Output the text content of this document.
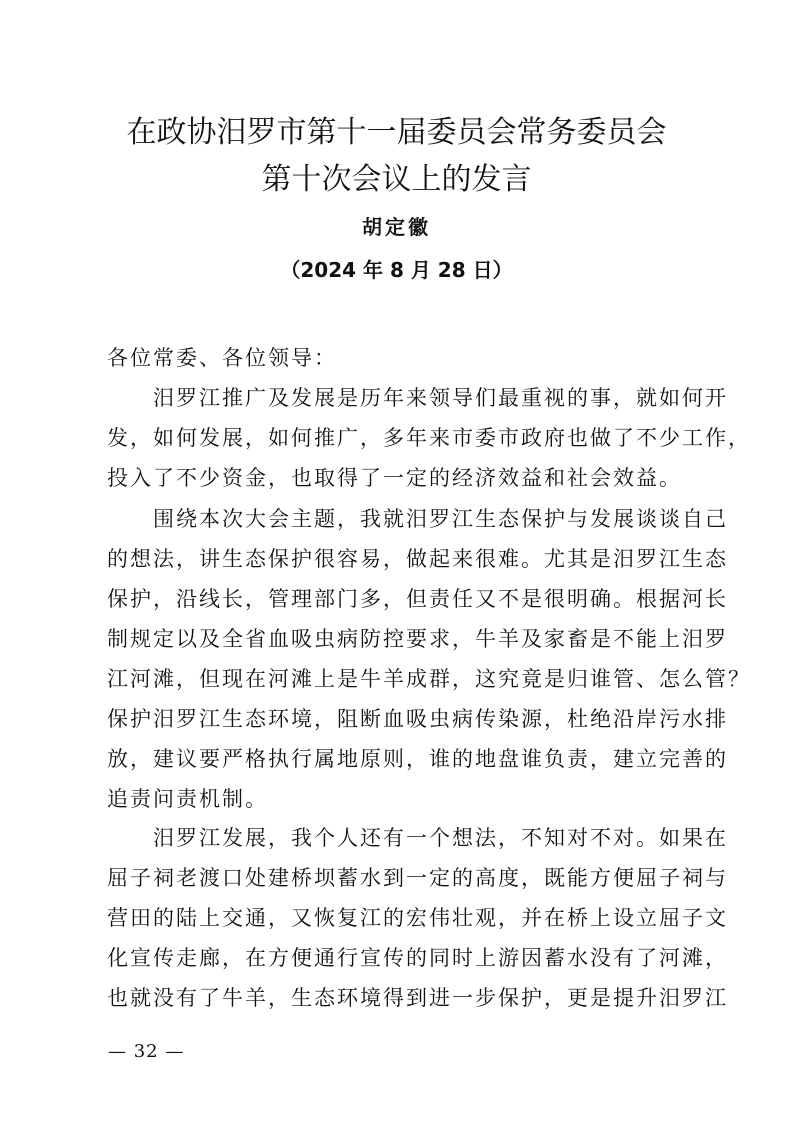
在政协汨罗市第十一届委员会常务委员会
第十次会议上的发言
胡定徽
（2024 年 8 月 28 日）

各位常委、各位领导：

汨罗江推广及发展是历年来领导们最重视的事，就如何开
发，如何发展，如何推广，多年来市委市政府也做了不少工作，
投入了不少资金，也取得了一定的经济效益和社会效益。

围绕本次大会主题，我就汨罗江生态保护与发展谈谈自己
的想法，讲生态保护很容易，做起来很难。尤其是汨罗江生态
保护，沿线长，管理部门多，但责任又不是很明确。根据河长
制规定以及全省血吸虫病防控要求，牛羊及家畜是不能上汨罗
江河滩，但现在河滩上是牛羊成群，这究竟是归谁管、怎么管？
保护汨罗江生态环境，阻断血吸虫病传染源，杜绝沿岸污水排
放，建议要严格执行属地原则，谁的地盘谁负责，建立完善的
追责问责机制。

汨罗江发展，我个人还有一个想法，不知对不对。如果在
屈子祠老渡口处建桥坝蓄水到一定的高度，既能方便屈子祠与
营田的陆上交通，又恢复江的宏伟壮观，并在桥上设立屈子文
化宣传走廊，在方便通行宣传的同时上游因蓄水没有了河滩，
也就没有了牛羊，生态环境得到进一步保护，更是提升汨罗江

— 32 —
